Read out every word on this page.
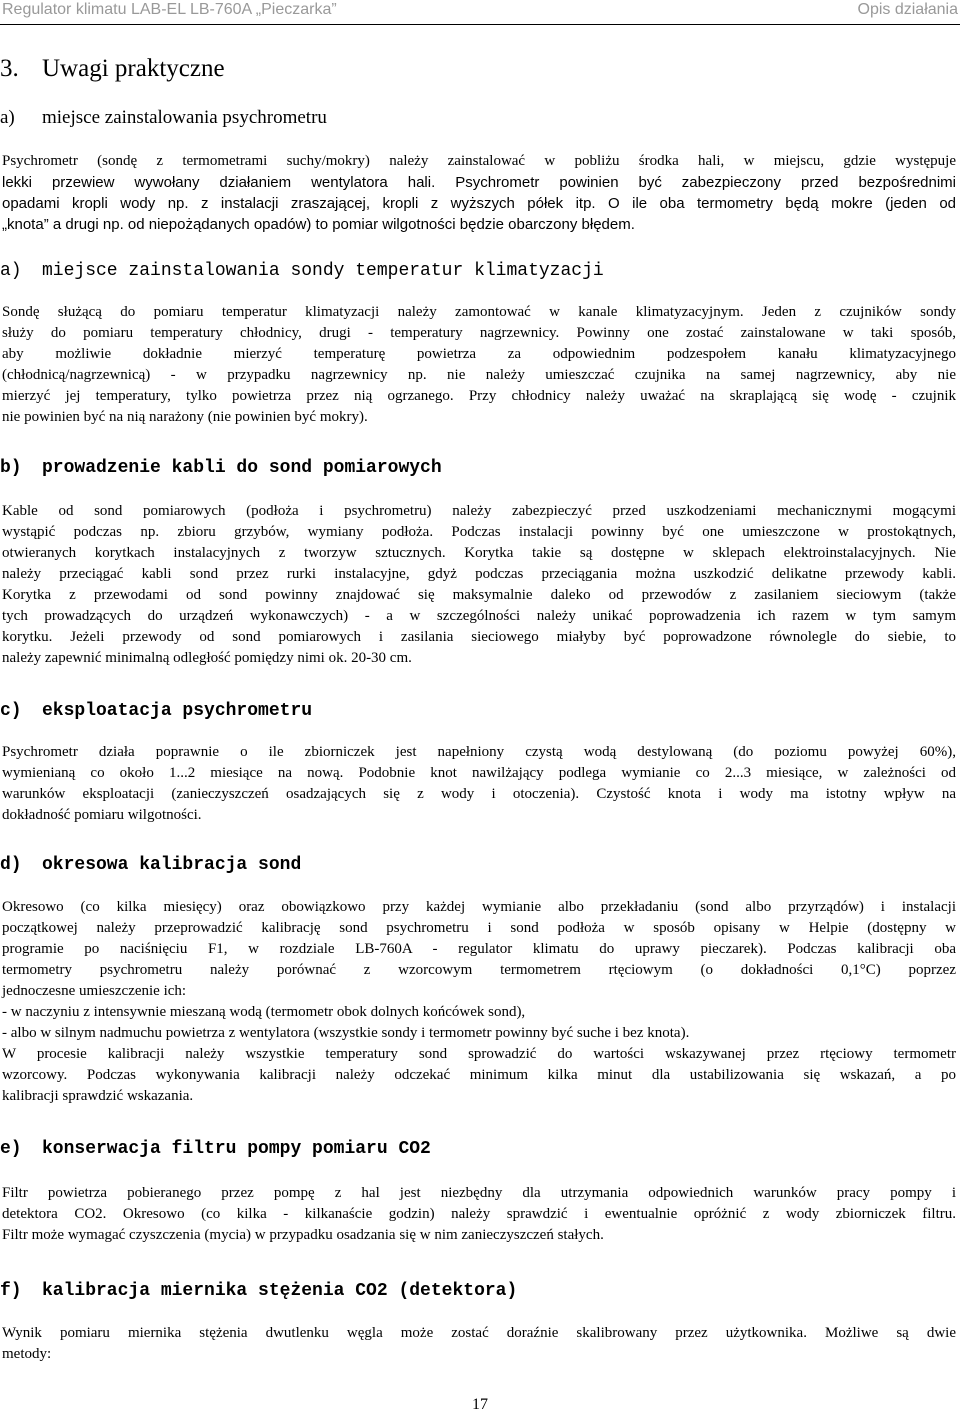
Regulator klimatu LAB-EL LB-760A „Pieczarka”	Opis działania
3. Uwagi praktyczne
a) miejsce zainstalowania psychrometru
Psychrometr (sondę z termometrami suchy/mokry) należy zainstalować w pobliżu środka hali, w miejscu, gdzie występuje
lekki przewiew wywołany działaniem wentylatora hali. Psychrometr powinien być zabezpieczony przed bezpośrednimi
opadami kropli wody np. z instalacji zraszającej, kropli z wyższych półek itp. O ile oba termometry będą mokre (jeden od
„knota” a drugi np. od niepożądanych opadów) to pomiar wilgotności będzie obarczony błędem.
a) miejsce zainstalowania sondy temperatur klimatyzacji
Sondę służącą do pomiaru temperatur klimatyzacji należy zamontować w kanale klimatyzacyjnym. Jeden z czujników sondy
służy do pomiaru temperatury chłodnicy, drugi - temperatury nagrzewnicy. Powinny one zostać zainstalowane w taki sposób,
aby możliwie dokładnie mierzyć temperaturę powietrza za odpowiednim podzespołem kanału klimatyzacyjnego
(chłodnicą/nagrzewnicą) - w przypadku nagrzewnicy np. nie należy umieszczać czujnika na samej nagrzewnicy, aby nie
mierzyć jej temperatury, tylko powietrza przez nią ogrzanego. Przy chłodnicy należy uważać na skraplającą się wodę - czujnik
nie powinien być na nią narażony (nie powinien być mokry).
b) prowadzenie kabli do sond pomiarowych
Kable od sond pomiarowych (podłoża i psychrometru) należy zabezpieczyć przed uszkodzeniami mechanicznymi mogącymi
wystąpić podczas np. zbioru grzybów, wymiany podłoża. Podczas instalacji powinny być one umieszczone w prostokątnych,
otwieranych korytkach instalacyjnych z tworzyw sztucznych. Korytka takie są dostępne w sklepach elektroinstalacyjnych. Nie
należy przeciągać kabli sond przez rurki instalacyjne, gdyż podczas przeciągania można uszkodzić delikatne przewody kabli.
Korytka z przewodami od sond powinny znajdować się maksymalnie daleko od przewodów z zasilaniem sieciowym (także
tych prowadzących do urządzeń wykonawczych) - a w szczególności należy unikać poprowadzenia ich razem w tym samym
korytku. Jeżeli przewody od sond pomiarowych i zasilania sieciowego miałyby być poprowadzone równolegle do siebie, to
należy zapewnić minimalną odległość pomiędzy nimi ok. 20-30 cm.
c) eksploatacja psychrometru
Psychrometr działa poprawnie o ile zbiorniczek jest napełniony czystą wodą destylowaną (do poziomu powyżej 60%),
wymienianą co około 1...2 miesiące na nową. Podobnie knot nawilżający podlega wymianie co 2...3 miesiące, w zależności od
warunków eksploatacji (zanieczyszczeń osadzających się z wody i otoczenia). Czystość knota i wody ma istotny wpływ na
dokładność pomiaru wilgotności.
d) okresowa kalibracja sond
Okresowo (co kilka miesięcy) oraz obowiązkowo przy każdej wymianie albo przekładaniu (sond albo przyrządów) i instalacji
początkowej należy przeprowadzić kalibrację sond psychrometru i sond podłoża w sposób opisany w Helpie (dostępny w
programie po naciśnięciu F1, w rozdziale LB-760A - regulator klimatu do uprawy pieczarek). Podczas kalibracji oba
termometry psychrometru należy porównać z wzorcowym termometrem rtęciowym (o dokładności 0,1°C) poprzez
jednoczesne umieszczenie ich:
- w naczyniu z intensywnie mieszaną wodą (termometr obok dolnych końcówek sond),
- albo w silnym nadmuchu powietrza z wentylatora (wszystkie sondy i termometr powinny być suche i bez knota).
W procesie kalibracji należy wszystkie temperatury sond sprowadzić do wartości wskazywanej przez rtęciowy termometr
wzorcowy. Podczas wykonywania kalibracji należy odczekać minimum kilka minut dla ustabilizowania się wskazań, a po
kalibracji sprawdzić wskazania.
e) konserwacja filtru pompy pomiaru CO2
Filtr powietrza pobieranego przez pompę z hal jest niezbędny dla utrzymania odpowiednich warunków pracy pompy i
detektora CO2. Okresowo (co kilka - kilkanaście godzin) należy sprawdzić i ewentualnie opróżnić z wody zbiorniczek filtru.
Filtr może wymagać czyszczenia (mycia) w przypadku osadzania się w nim zanieczyszczeń stałych.
f) kalibracja miernika stężenia CO2 (detektora)
Wynik pomiaru miernika stężenia dwutlenku węgla może zostać doraźnie skalibrowany przez użytkownika. Możliwe są dwie
metody:
17
